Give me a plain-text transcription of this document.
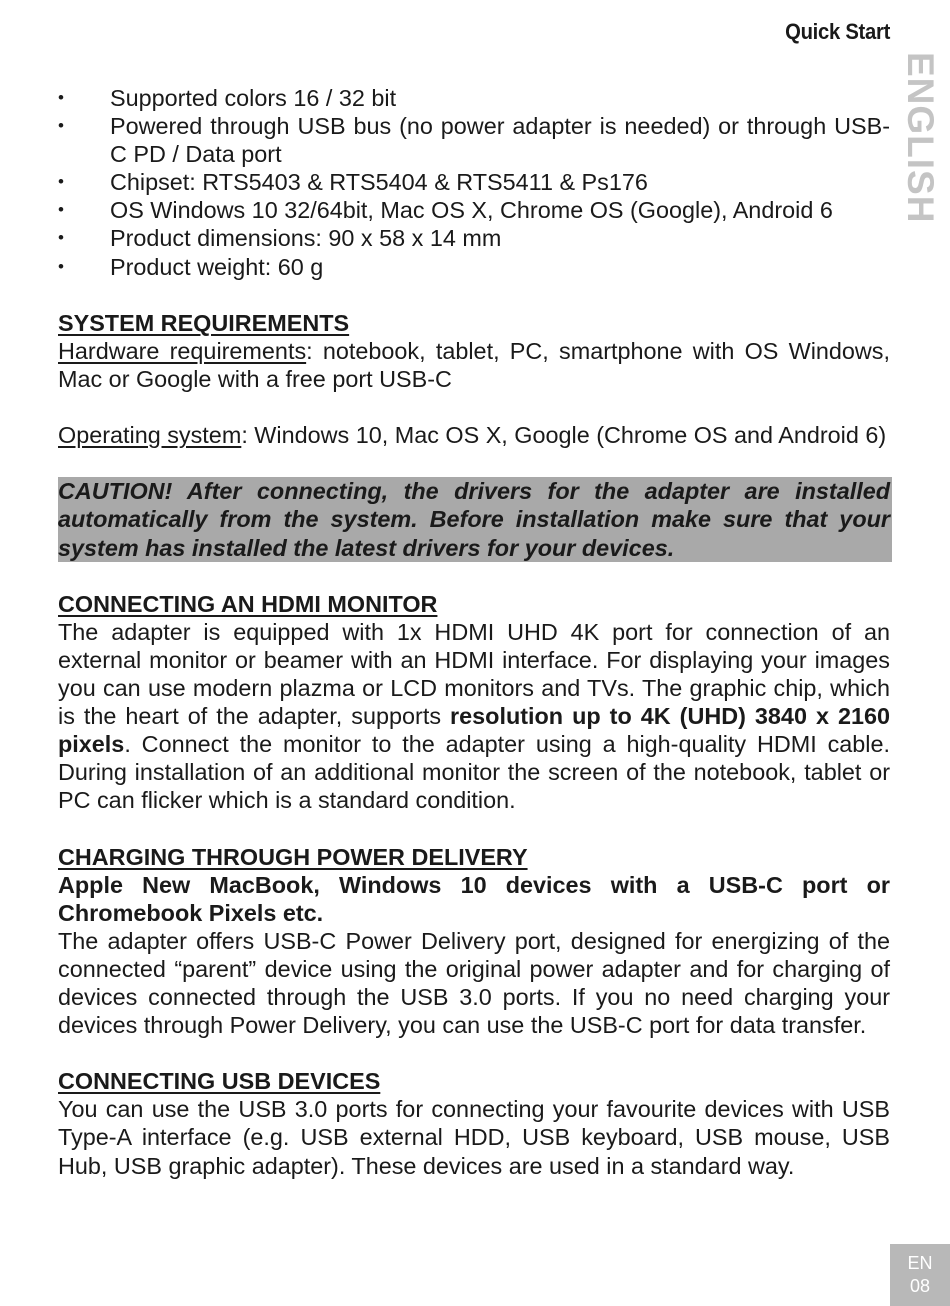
Quick Start
ENGLISH
• Supported colors 16 / 32 bit
• Powered through USB bus (no power adapter is needed) or through USB-C PD / Data port
• Chipset: RTS5403 & RTS5404 & RTS5411 & Ps176
• OS Windows 10 32/64bit, Mac OS X, Chrome OS (Google), Android 6
• Product dimensions: 90 x 58 x 14 mm
• Product weight: 60 g
SYSTEM REQUIREMENTS

Hardware requirements: notebook, tablet, PC, smartphone with OS Windows, Mac or Google with a free port USB-C

Operating system: Windows 10, Mac OS X, Google (Chrome OS and Android 6)

CAUTION! After connecting, the drivers for the adapter are installed automatically from the system. Before installation make sure that your system has installed the latest drivers for your devices.

CONNECTING AN HDMI MONITOR

The adapter is equipped with 1x HDMI UHD 4K port for connection of an external monitor or beamer with an HDMI interface. For displaying your images you can use modern plazma or LCD monitors and TVs. The graphic chip, which is the heart of the adapter, supports resolution up to 4K (UHD) 3840 x 2160 pixels. Connect the monitor to the adapter using a high-quality HDMI cable. During installation of an additional monitor the screen of the notebook, tablet or PC can flicker which is a standard condition.

CHARGING THROUGH POWER DELIVERY

Apple New MacBook, Windows 10 devices with a USB-C port or Chromebook Pixels etc.

The adapter offers USB-C Power Delivery port, designed for energizing of the connected “parent” device using the original power adapter and for charging of devices connected through the USB 3.0 ports. If you no need charging your devices through Power Delivery, you can use the USB-C port for data transfer.

CONNECTING USB DEVICES

You can use the USB 3.0 ports for connecting your favourite devices with USB Type-A interface (e.g. USB external HDD, USB keyboard, USB mouse, USB Hub, USB graphic adapter). These devices are used in a standard way.

EN
08
